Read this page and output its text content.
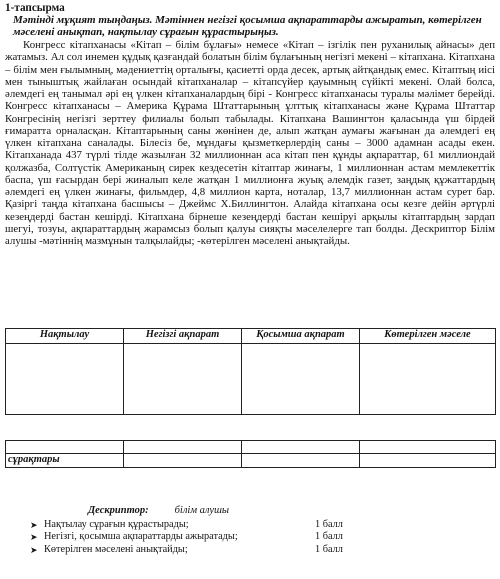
1-тапсырма
Мәтінді мұқият тыңдаңыз. Мәтіннен негізгі қосымша ақпараттарды ажыратып, көтерілген мәселені анықтап, нақтылау сұрағын құрастырыңыз.

Конгресс кітапханасы «Кітап – білім бұлағы» немесе «Кітап – ізгілік пен руханилық айнасы» деп жатамыз. Ал сол инемен құдық қазғандай болатын білім бұлағының негізгі мекені – кітапхана. Кітапхана – білім мен ғылымның, мәдениеттің орталығы, қасиетті орда десек, артық айтқандық емес. Кітаптың иісі мен тыныштық жайлаған осындай кітапханалар – кітапсүйер қауымның сүйікті мекені. Олай болса, әлемдегі ең танымал әрі ең үлкен кітапханалардың бірі - Конгресс кітапханасы туралы мәлімет берейді. Конгресс кітапханасы – Америка Құрама Штаттарының ұлттық кітапханасы және Құрама Штаттар Конгресінің негізгі зерттеу филиалы болып табылады. Кітапхана Вашингтон қаласында үш бірдей ғимаратта орналасқан. Кітаптарының саны жөнінен де, алып жатқан аумағы жағынан да әлемдегі ең үлкен кітапхана саналады. Білесіз бе, мұндағы қызметкерлердің саны – 3000 адамнан асады екен. Кітапханада 437 түрлі тілде жазылған 32 миллионнан аса кітап пен құнды ақпараттар, 61 миллиондай қолжазба, Солтүстік Американың сирек кездесетін кітаптар жинағы, 1 миллионнан астам мемлекеттік баспа, үш ғасырдан бері жиналып келе жатқан 1 миллионға жуық әлемдік газет, заңдық құжаттардың әлемдегі ең үлкен жинағы, фильмдер, 4,8 миллион карта, ноталар, 13,7 миллионнан астам сурет бар. Қазіргі таңда кітапхана басшысы – Джеймс Х.Биллингтон. Алайда кітапхана осы кезге дейін әртүрлі кезеңдерді бастан кешірді. Кітапхана бірнеше кезеңдерді бастан кешіруі арқылы кітаптардың зардап шегуі, тозуы, ақпараттардың жарамсыз болып қалуы сияқты мәселелерге тап болды. Дескриптор Білім алушы -мәтіннің мазмұнын талқылайды; -көтерілген мәселені анықтайды.

Нақтылау	Негізгі ақпарат	Қосымша ақпарат	Көтерілген мәселе

сұрақтары			
Дескриптор: білім алушы
➤ Нақтылау сұрағын құрастырады;	1 балл
➤ Негізгі, қосымша ақпараттарды ажыратады;	1 балл
➤ Көтерілген мәселені анықтайды;	1 балл
